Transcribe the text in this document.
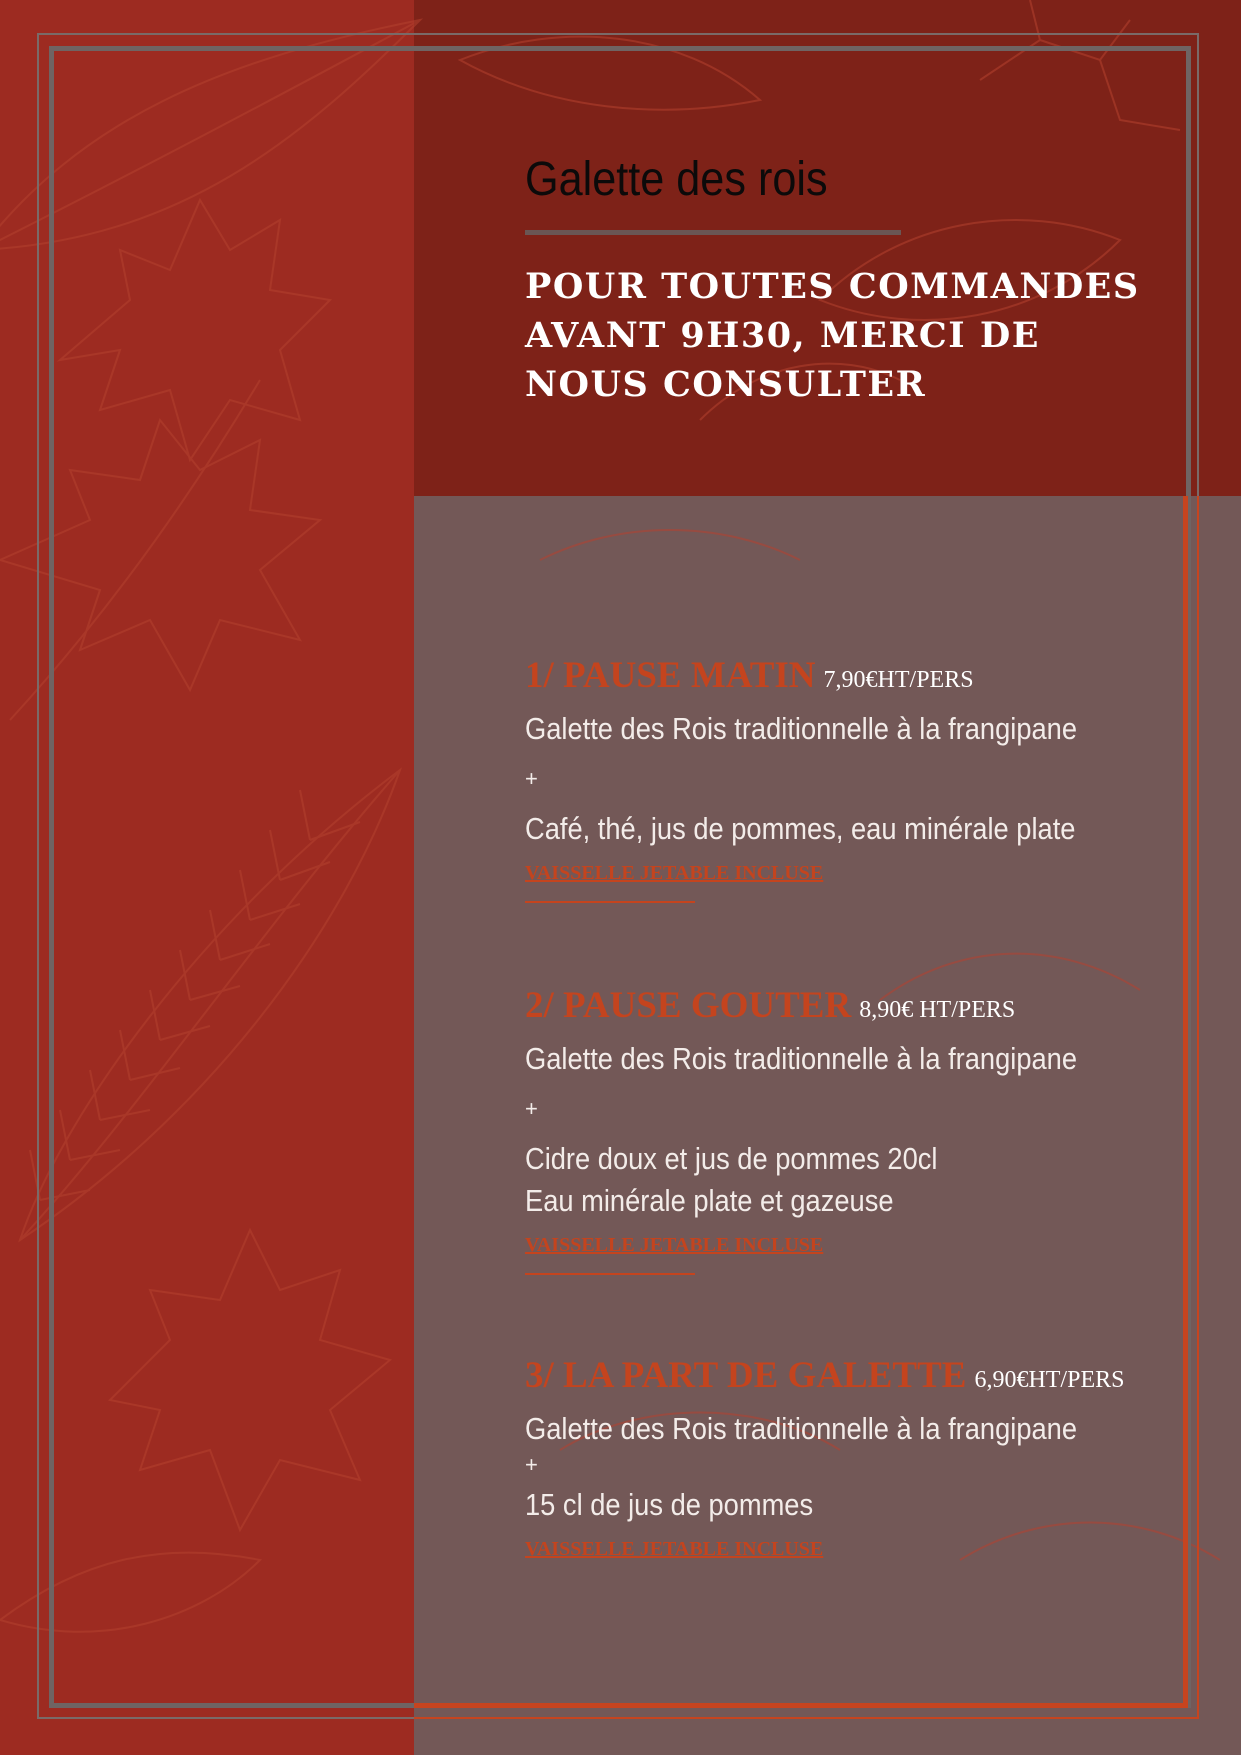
Galette des rois

POUR TOUTES COMMANDES AVANT 9H30, MERCI DE NOUS CONSULTER

1/ PAUSE MATIN 7,90€HT/PERS
Galette des Rois traditionnelle à la frangipane
+
Café, thé, jus de pommes, eau minérale plate
VAISSELLE JETABLE INCLUSE
2/ PAUSE GOUTER 8,90€ HT/PERS
Galette des Rois traditionnelle à la frangipane
+
Cidre doux et jus de pommes 20cl
Eau minérale plate et gazeuse
VAISSELLE JETABLE INCLUSE
3/ LA PART DE GALETTE 6,90€HT/PERS
Galette des Rois traditionnelle à la frangipane
+
15 cl de jus de pommes
VAISSELLE JETABLE INCLUSE
